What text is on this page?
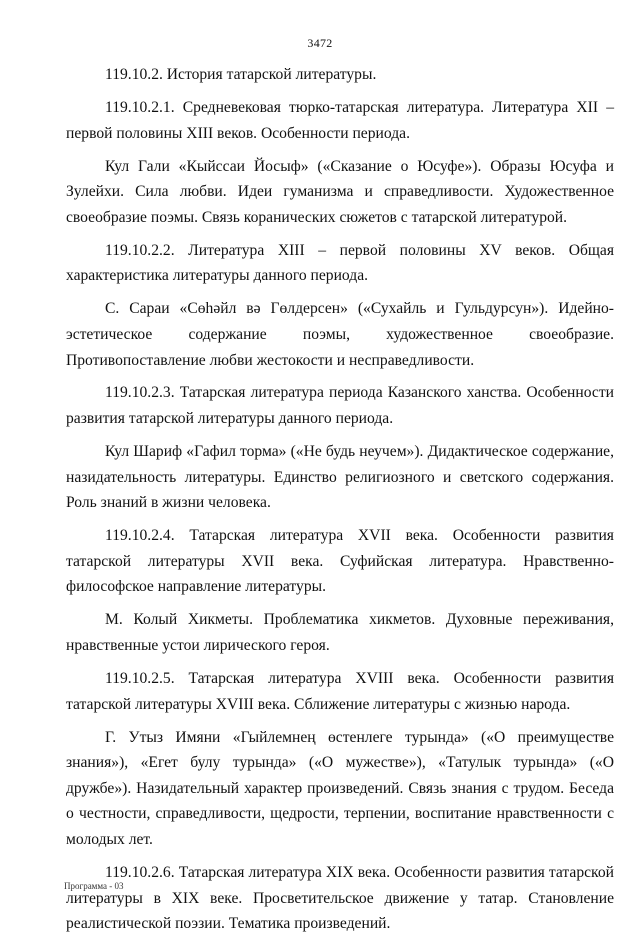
3472

119.10.2. История татарской литературы.

119.10.2.1. Средневековая тюрко-татарская литература. Литература XII – первой половины XIII веков. Особенности периода.

Кул Гали «Кыйссаи Йосыф» («Сказание о Юсуфе»). Образы Юсуфа и Зулейхи. Сила любви. Идеи гуманизма и справедливости. Художественное своеобразие поэмы. Связь коранических сюжетов с татарской литературой.

119.10.2.2. Литература XIII – первой половины XV веков. Общая характеристика литературы данного периода.

С. Сараи «Сөһәйл вә Гөлдерсен» («Сухайль и Гульдурсун»). Идейно-эстетическое содержание поэмы, художественное своеобразие. Противопоставление любви жестокости и несправедливости.

119.10.2.3. Татарская литература периода Казанского ханства. Особенности развития татарской литературы данного периода.

Кул Шариф «Гафил торма» («Не будь неучем»). Дидактическое содержание, назидательность литературы. Единство религиозного и светского содержания. Роль знаний в жизни человека.

119.10.2.4. Татарская литература XVII века. Особенности развития татарской литературы XVII века. Суфийская литература. Нравственно-философское направление литературы.

М. Колый Хикметы. Проблематика хикметов. Духовные переживания, нравственные устои лирического героя.

119.10.2.5. Татарская литература XVIII века. Особенности развития татарской литературы XVIII века. Сближение литературы с жизнью народа.

Г. Утыз Имяни «Гыйлемнең өстенлеге турында» («О преимуществе знания»), «Егет булу турында» («О мужестве»), «Татулык турында» («О дружбе»). Назидательный характер произведений. Связь знания с трудом. Беседа о честности, справедливости, щедрости, терпении, воспитание нравственности с молодых лет.

119.10.2.6. Татарская литература XIX века. Особенности развития татарской литературы в XIX веке. Просветительское движение у татар. Становление реалистической поэзии. Тематика произведений.

Программа - 03
